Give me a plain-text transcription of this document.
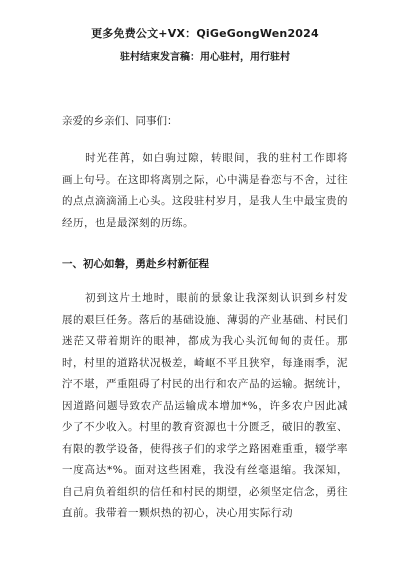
更多免费公文+VX：QiGeGongWen2024
驻村结束发言稿：用心驻村，用行驻村

亲爱的乡亲们、同事们：

时光荏苒，如白驹过隙，转眼间，我的驻村工作即将画上句号。在这即将离别之际，心中满是眷恋与不舍，过往的点点滴滴涌上心头。这段驻村岁月，是我人生中最宝贵的经历，也是最深刻的历练。

一、初心如磐，勇赴乡村新征程

初到这片土地时，眼前的景象让我深刻认识到乡村发展的艰巨任务。落后的基础设施、薄弱的产业基础、村民们迷茫又带着期许的眼神，都成为我心头沉甸甸的责任。那时，村里的道路状况极差，崎岖不平且狭窄，每逢雨季，泥泞不堪，严重阻碍了村民的出行和农产品的运输。据统计，因道路问题导致农产品运输成本增加*%，许多农户因此减少了不少收入。村里的教育资源也十分匮乏，破旧的教室、有限的教学设备，使得孩子们的求学之路困难重重，辍学率一度高达*%。面对这些困难，我没有丝毫退缩。我深知，自己肩负着组织的信任和村民的期望，必须坚定信念，勇往直前。我带着一颗炽热的初心，决心用实际行动
